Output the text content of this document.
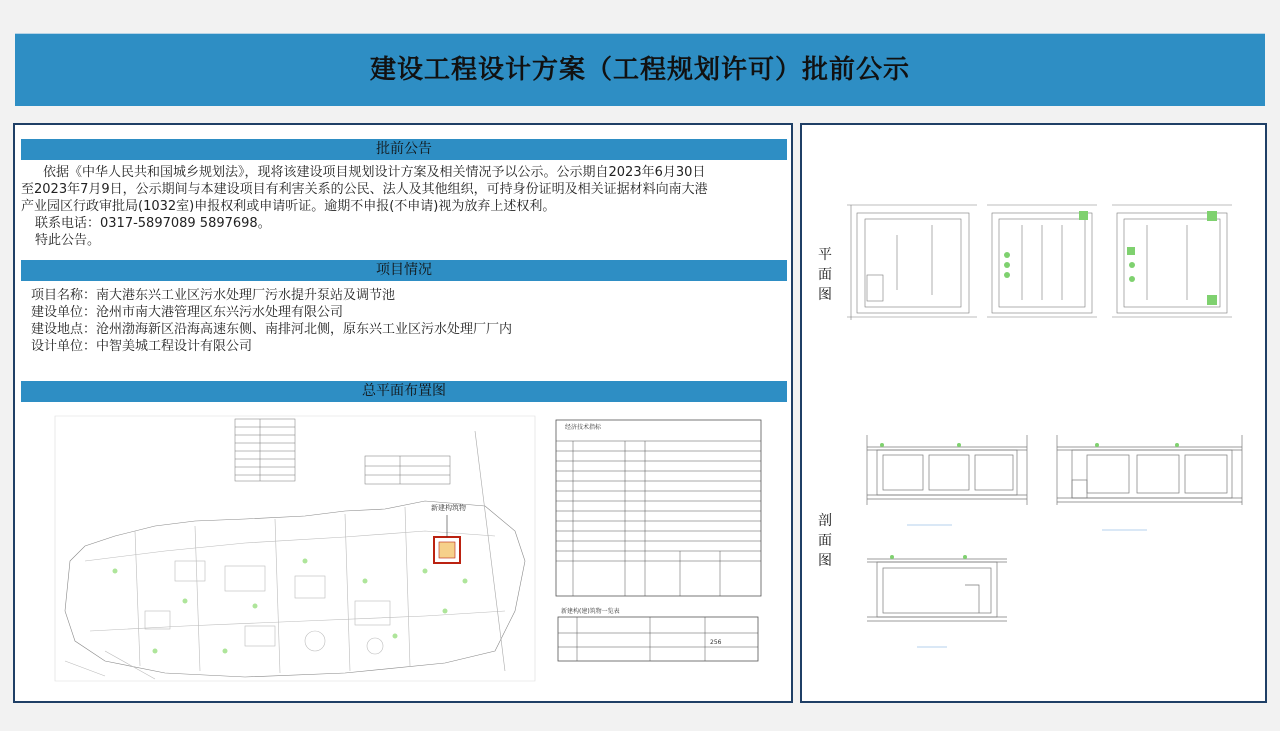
建设工程设计方案（工程规划许可）批前公示
批前公告
依据《中华人民共和国城乡规划法》，现将该建设项目规划设计方案及相关情况予以公示。公示期自2023年6月30日
至2023年7月9日，公示期间与本建设项目有利害关系的公民、法人及其他组织，可持身份证明及相关证据材料向南大港
产业园区行政审批局(1032室)申报权利或申请听证。逾期不申报(不申请)视为放弃上述权利。
联系电话：0317-5897089 5897698。
特此公告。
项目情况
项目名称：南大港东兴工业区污水处理厂污水提升泵站及调节池
建设单位：沧州市南大港管理区东兴污水处理有限公司
建设地点：沧州渤海新区沿海高速东侧、南排河北侧，原东兴工业区污水处理厂厂内
设计单位：中智美城工程设计有限公司
总平面布置图
新建构筑物
经济技术指标
新建构(建)筑物一览表
256
平面图
剖面图
